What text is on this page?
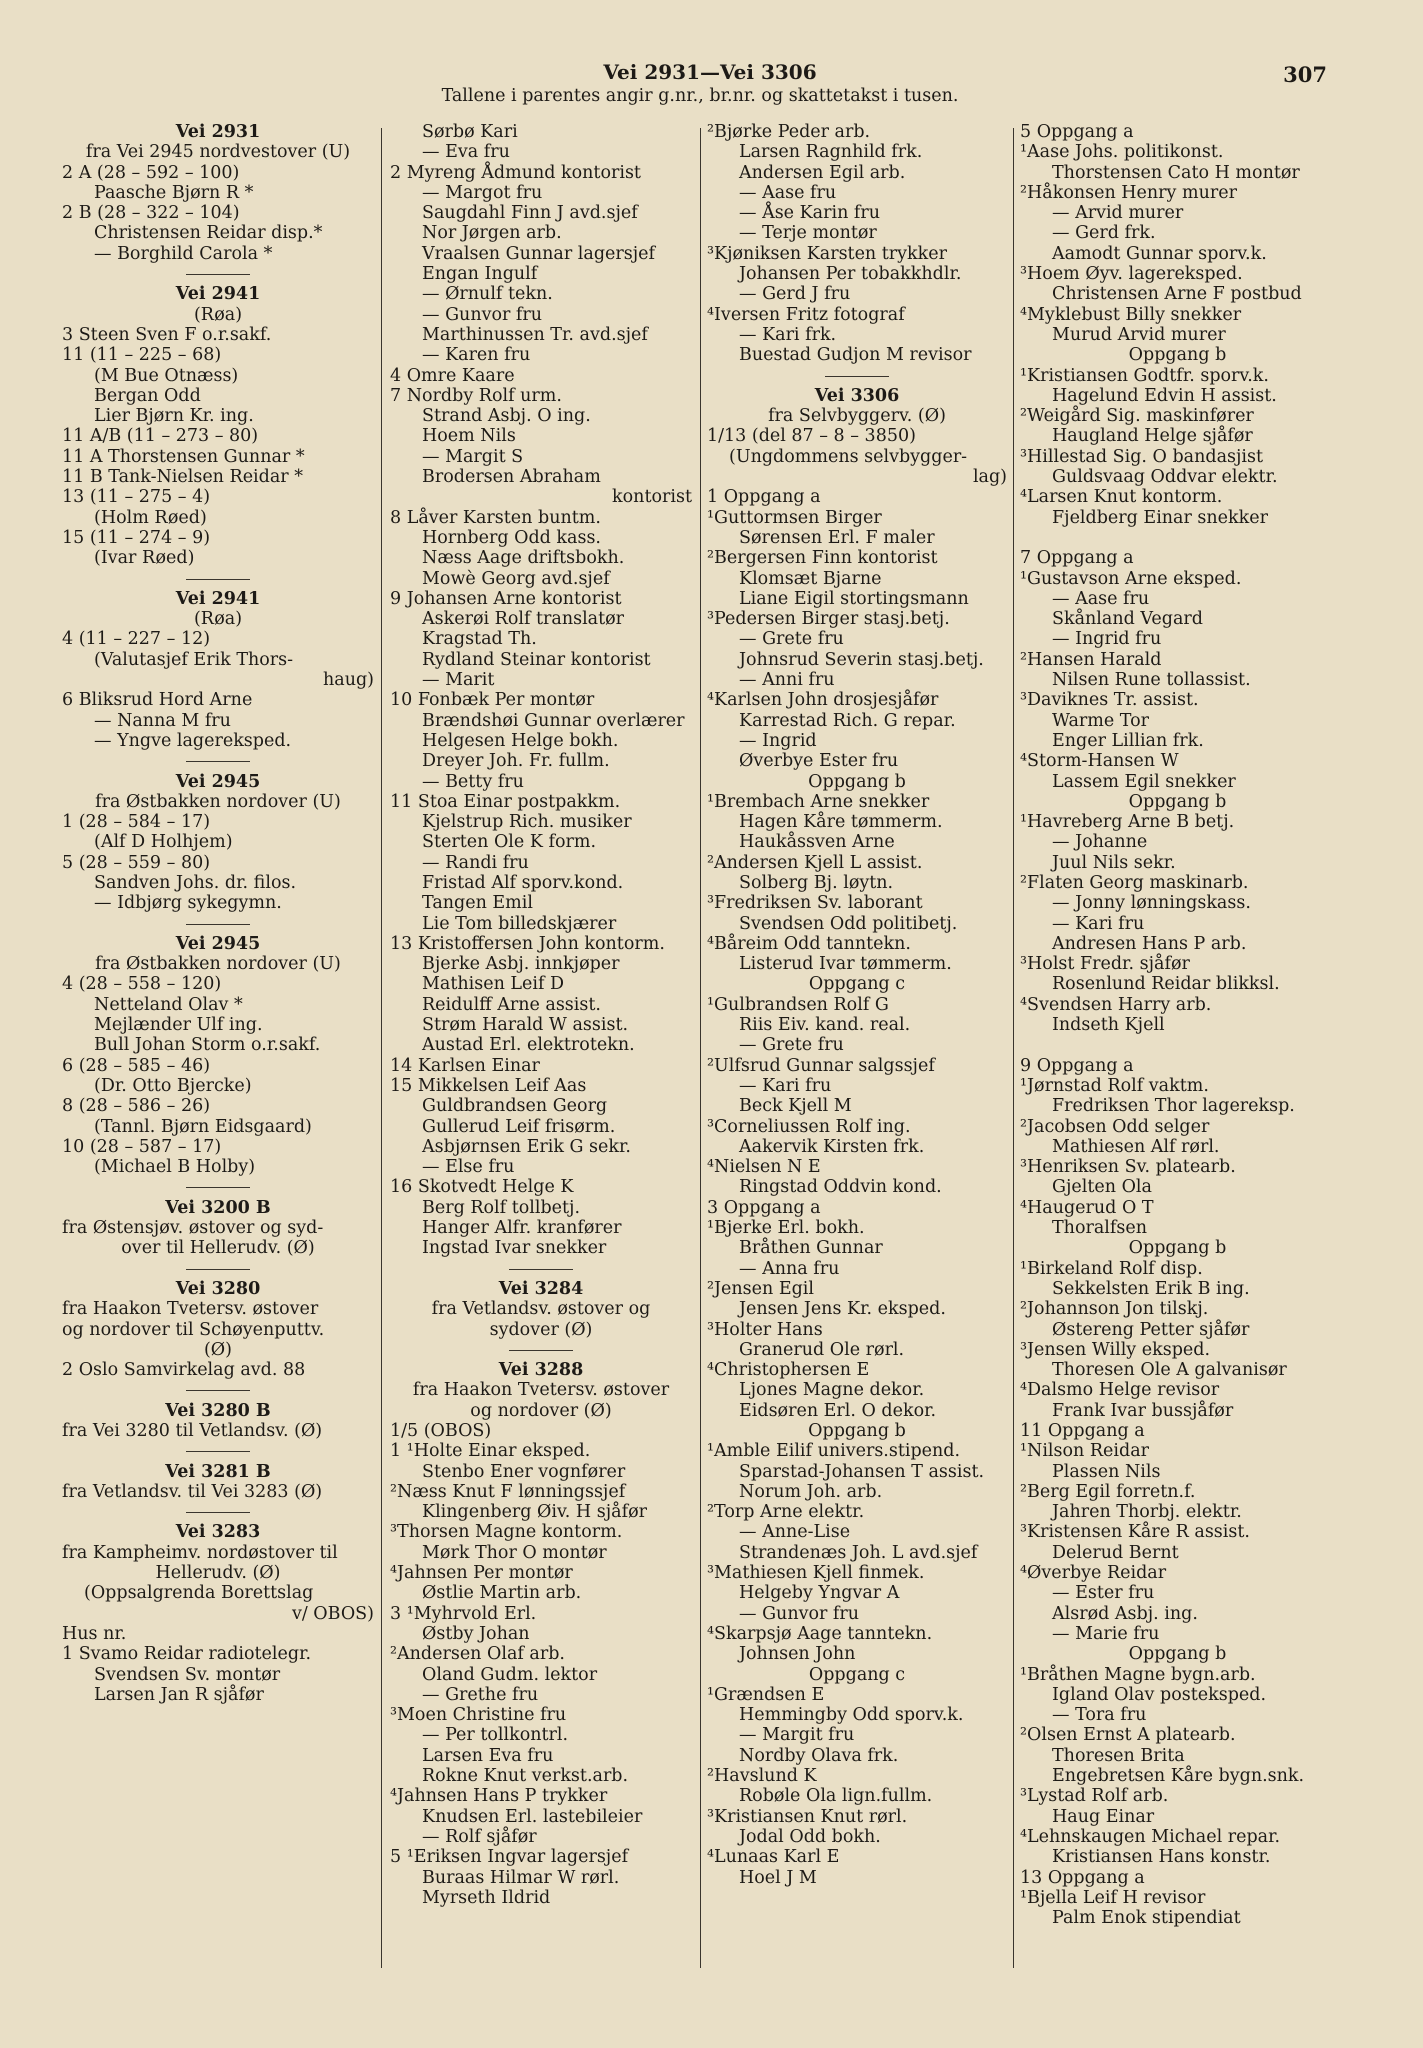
Vei 2931—Vei 3306	307
Tallene i parentes angir g.nr., br.nr. og skattetakst i tusen.
Vei 2931
fra Vei 2945 nordvestover (U)
2 A (28 – 592 – 100)
Paasche Bjørn R *
2 B (28 – 322 – 104)
Christensen Reidar disp.*
— Borghild Carola *
Vei 2941
(Røa)
3 Steen Sven F o.r.sakf.
11 (11 – 225 – 68)
(M Bue Otnæss)
Bergan Odd
Lier Bjørn Kr. ing.
11 A/B (11 – 273 – 80)
11 A Thorstensen Gunnar *
11 B Tank-Nielsen Reidar *
13 (11 – 275 – 4)
(Holm Røed)
15 (11 – 274 – 9)
(Ivar Røed)
Vei 2941
(Røa)
4 (11 – 227 – 12)
(Valutasjef Erik Thors-
haug)
6 Bliksrud Hord Arne
— Nanna M fru
— Yngve lagereksped.
Vei 2945
fra Østbakken nordover (U)
1 (28 – 584 – 17)
(Alf D Holhjem)
5 (28 – 559 – 80)
Sandven Johs. dr. filos.
— Idbjørg sykegymn.
Vei 2945
fra Østbakken nordover (U)
4 (28 – 558 – 120)
Netteland Olav *
Mejlænder Ulf ing.
Bull Johan Storm o.r.sakf.
6 (28 – 585 – 46)
(Dr. Otto Bjercke)
8 (28 – 586 – 26)
(Tannl. Bjørn Eidsgaard)
10 (28 – 587 – 17)
(Michael B Holby)
Vei 3200 B
fra Østensjøv. østover og syd-
over til Hellerudv. (Ø)
Vei 3280
fra Haakon Tvetersv. østover
og nordover til Schøyenputtv.
(Ø)
2 Oslo Samvirkelag avd. 88
Vei 3280 B
fra Vei 3280 til Vetlandsv. (Ø)
Vei 3281 B
fra Vetlandsv. til Vei 3283 (Ø)
Vei 3283
fra Kampheimv. nordøstover til
Hellerudv. (Ø)
(Oppsalgrenda Borettslag
v/ OBOS)
Hus nr.
1 Svamo Reidar radiotelegr.
Svendsen Sv. montør
Larsen Jan R sjåfør
Sørbø Kari
— Eva fru
2 Myreng Ådmund kontorist
— Margot fru
Saugdahl Finn J avd.sjef
Nor Jørgen arb.
Vraalsen Gunnar lagersjef
Engan Ingulf
— Ørnulf tekn.
— Gunvor fru
Marthinussen Tr. avd.sjef
— Karen fru
4 Omre Kaare
7 Nordby Rolf urm.
Strand Asbj. O ing.
Hoem Nils
— Margit S
Brodersen Abraham
kontorist
8 Låver Karsten buntm.
Hornberg Odd kass.
Næss Aage driftsbokh.
Mowè Georg avd.sjef
9 Johansen Arne kontorist
Askerøi Rolf translatør
Kragstad Th.
Rydland Steinar kontorist
— Marit
10 Fonbæk Per montør
Brændshøi Gunnar overlærer
Helgesen Helge bokh.
Dreyer Joh. Fr. fullm.
— Betty fru
11 Stoa Einar postpakkm.
Kjelstrup Rich. musiker
Sterten Ole K form.
— Randi fru
Fristad Alf sporv.kond.
Tangen Emil
Lie Tom billedskjærer
13 Kristoffersen John kontorm.
Bjerke Asbj. innkjøper
Mathisen Leif D
Reidulff Arne assist.
Strøm Harald W assist.
Austad Erl. elektrotekn.
14 Karlsen Einar
15 Mikkelsen Leif Aas
Guldbrandsen Georg
Gullerud Leif frisørm.
Asbjørnsen Erik G sekr.
— Else fru
16 Skotvedt Helge K
Berg Rolf tollbetj.
Hanger Alfr. kranfører
Ingstad Ivar snekker
Vei 3284
fra Vetlandsv. østover og
sydover (Ø)
Vei 3288
fra Haakon Tvetersv. østover
og nordover (Ø)
1/5 (OBOS)
1 ¹Holte Einar eksped.
Stenbo Ener vognfører
²Næss Knut F lønningssjef
Klingenberg Øiv. H sjåfør
³Thorsen Magne kontorm.
Mørk Thor O montør
⁴Jahnsen Per montør
Østlie Martin arb.
3 ¹Myhrvold Erl.
Østby Johan
²Andersen Olaf arb.
Oland Gudm. lektor
— Grethe fru
³Moen Christine fru
— Per tollkontrl.
Larsen Eva fru
Rokne Knut verkst.arb.
⁴Jahnsen Hans P trykker
Knudsen Erl. lastebileier
— Rolf sjåfør
5 ¹Eriksen Ingvar lagersjef
Buraas Hilmar W rørl.
Myrseth Ildrid
²Bjørke Peder arb.
Larsen Ragnhild frk.
Andersen Egil arb.
— Aase fru
— Åse Karin fru
— Terje montør
³Kjøniksen Karsten trykker
Johansen Per tobakkhdlr.
— Gerd J fru
⁴Iversen Fritz fotograf
— Kari frk.
Buestad Gudjon M revisor
Vei 3306
fra Selvbyggerv. (Ø)
1/13 (del 87 – 8 – 3850)
(Ungdommens selvbygger-
lag)
1 Oppgang a
¹Guttormsen Birger
Sørensen Erl. F maler
²Bergersen Finn kontorist
Klomsæt Bjarne
Liane Eigil stortingsmann
³Pedersen Birger stasj.betj.
— Grete fru
Johnsrud Severin stasj.betj.
— Anni fru
⁴Karlsen John drosjesjåfør
Karrestad Rich. G repar.
— Ingrid
Øverbye Ester fru
Oppgang b
¹Brembach Arne snekker
Hagen Kåre tømmerm.
Haukåssven Arne
²Andersen Kjell L assist.
Solberg Bj. løytn.
³Fredriksen Sv. laborant
Svendsen Odd politibetj.
⁴Båreim Odd tanntekn.
Listerud Ivar tømmerm.
Oppgang c
¹Gulbrandsen Rolf G
Riis Eiv. kand. real.
— Grete fru
²Ulfsrud Gunnar salgssjef
— Kari fru
Beck Kjell M
³Corneliussen Rolf ing.
Aakervik Kirsten frk.
⁴Nielsen N E
Ringstad Oddvin kond.
3 Oppgang a
¹Bjerke Erl. bokh.
Bråthen Gunnar
— Anna fru
²Jensen Egil
Jensen Jens Kr. eksped.
³Holter Hans
Granerud Ole rørl.
⁴Christophersen E
Ljones Magne dekor.
Eidsøren Erl. O dekor.
Oppgang b
¹Amble Eilif univers.stipend.
Sparstad-Johansen T assist.
Norum Joh. arb.
²Torp Arne elektr.
— Anne-Lise
Strandenæs Joh. L avd.sjef
³Mathiesen Kjell finmek.
Helgeby Yngvar A
— Gunvor fru
⁴Skarpsjø Aage tanntekn.
Johnsen John
Oppgang c
¹Grændsen E
Hemmingby Odd sporv.k.
— Margit fru
Nordby Olava frk.
²Havslund K
Robøle Ola lign.fullm.
³Kristiansen Knut rørl.
Jodal Odd bokh.
⁴Lunaas Karl E
Hoel J M
5 Oppgang a
¹Aase Johs. politikonst.
Thorstensen Cato H montør
²Håkonsen Henry murer
— Arvid murer
— Gerd frk.
Aamodt Gunnar sporv.k.
³Hoem Øyv. lagereksped.
Christensen Arne F postbud
⁴Myklebust Billy snekker
Murud Arvid murer
Oppgang b
¹Kristiansen Godtfr. sporv.k.
Hagelund Edvin H assist.
²Weigård Sig. maskinfører
Haugland Helge sjåfør
³Hillestad Sig. O bandasjist
Guldsvaag Oddvar elektr.
⁴Larsen Knut kontorm.
Fjeldberg Einar snekker
7 Oppgang a
¹Gustavson Arne eksped.
— Aase fru
Skånland Vegard
— Ingrid fru
²Hansen Harald
Nilsen Rune tollassist.
³Daviknes Tr. assist.
Warme Tor
Enger Lillian frk.
⁴Storm-Hansen W
Lassem Egil snekker
Oppgang b
¹Havreberg Arne B betj.
— Johanne
Juul Nils sekr.
²Flaten Georg maskinarb.
— Jonny lønningskass.
— Kari fru
Andresen Hans P arb.
³Holst Fredr. sjåfør
Rosenlund Reidar blikksl.
⁴Svendsen Harry arb.
Indseth Kjell
9 Oppgang a
¹Jørnstad Rolf vaktm.
Fredriksen Thor lagereksp.
²Jacobsen Odd selger
Mathiesen Alf rørl.
³Henriksen Sv. platearb.
Gjelten Ola
⁴Haugerud O T
Thoralfsen
Oppgang b
¹Birkeland Rolf disp.
Sekkelsten Erik B ing.
²Johannson Jon tilskj.
Østereng Petter sjåfør
³Jensen Willy eksped.
Thoresen Ole A galvanisør
⁴Dalsmo Helge revisor
Frank Ivar bussjåfør
11 Oppgang a
¹Nilson Reidar
Plassen Nils
²Berg Egil forretn.f.
Jahren Thorbj. elektr.
³Kristensen Kåre R assist.
Delerud Bernt
⁴Øverbye Reidar
— Ester fru
Alsrød Asbj. ing.
— Marie fru
Oppgang b
¹Bråthen Magne bygn.arb.
Igland Olav posteksped.
— Tora fru
²Olsen Ernst A platearb.
Thoresen Brita
Engebretsen Kåre bygn.snk.
³Lystad Rolf arb.
Haug Einar
⁴Lehnskaugen Michael repar.
Kristiansen Hans konstr.
13 Oppgang a
¹Bjella Leif H revisor
Palm Enok stipendiat
